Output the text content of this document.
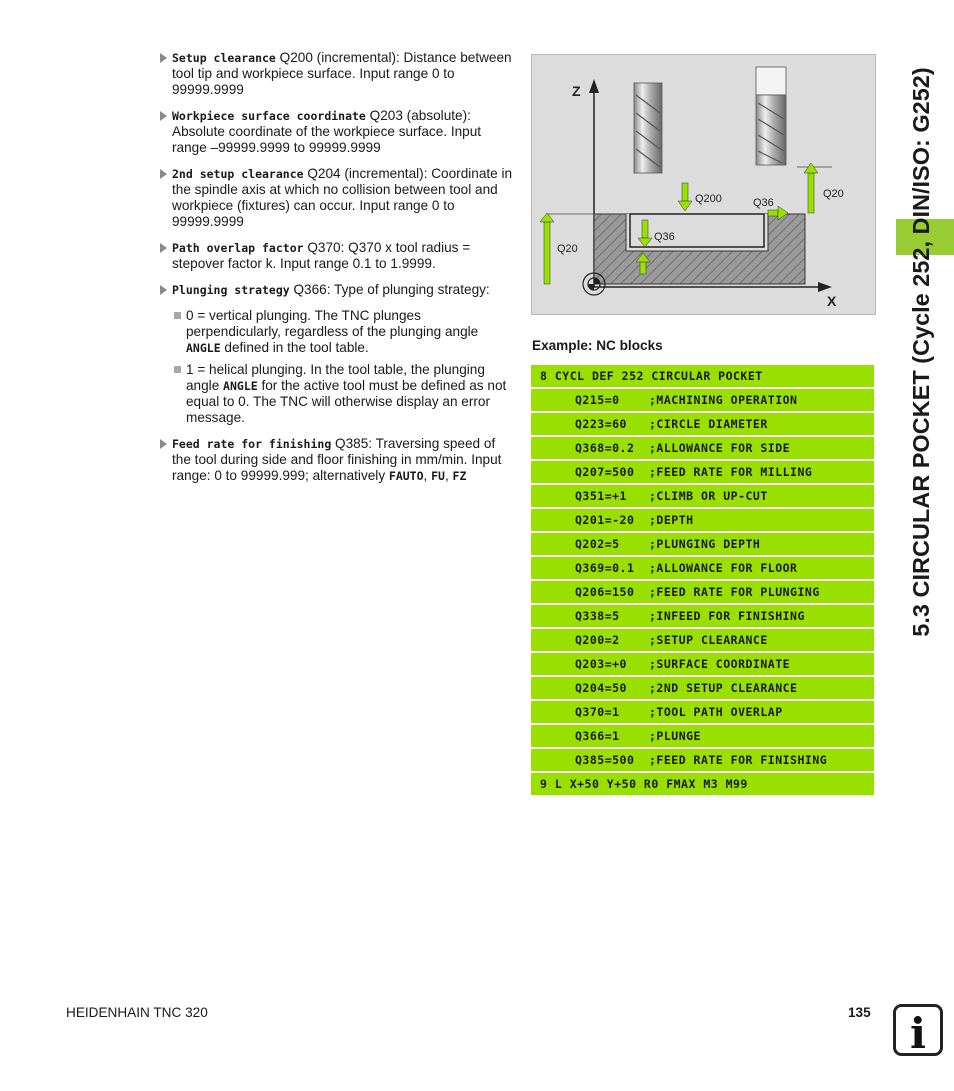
Setup clearance Q200 (incremental): Distance between tool tip and workpiece surface. Input range 0 to 99999.9999
Workpiece surface coordinate Q203 (absolute): Absolute coordinate of the workpiece surface. Input range –99999.9999 to 99999.9999
2nd setup clearance Q204 (incremental): Coordinate in the spindle axis at which no collision between tool and workpiece (fixtures) can occur. Input range 0 to 99999.9999
Path overlap factor Q370: Q370 x tool radius = stepover factor k. Input range 0.1 to 1.9999.
Plunging strategy Q366: Type of plunging strategy:
0 = vertical plunging. The TNC plunges perpendicularly, regardless of the plunging angle ANGLE defined in the tool table.
1 = helical plunging. In the tool table, the plunging angle ANGLE for the active tool must be defined as not equal to 0. The TNC will otherwise display an error message.
Feed rate for finishing Q385: Traversing speed of the tool during side and floor finishing in mm/min. Input range: 0 to 99999.999; alternatively FAUTO, FU, FZ
Z
X
Q200	Q36
Q20
Q36
Q20
Example: NC blocks
8 CYCL DEF 252 CIRCULAR POCKET
Q215=0	;MACHINING OPERATION
Q223=60	;CIRCLE DIAMETER
Q368=0.2	;ALLOWANCE FOR SIDE
Q207=500	;FEED RATE FOR MILLING
Q351=+1	;CLIMB OR UP-CUT
Q201=-20	;DEPTH
Q202=5	;PLUNGING DEPTH
Q369=0.1	;ALLOWANCE FOR FLOOR
Q206=150	;FEED RATE FOR PLUNGING
Q338=5	;INFEED FOR FINISHING
Q200=2	;SETUP CLEARANCE
Q203=+0	;SURFACE COORDINATE
Q204=50	;2ND SETUP CLEARANCE
Q370=1	;TOOL PATH OVERLAP
Q366=1	;PLUNGE
Q385=500	;FEED RATE FOR FINISHING
9 L X+50 Y+50 R0 FMAX M3 M99
5.3 CIRCULAR POCKET (Cycle 252, DIN/ISO: G252)
HEIDENHAIN TNC 320	135 i
